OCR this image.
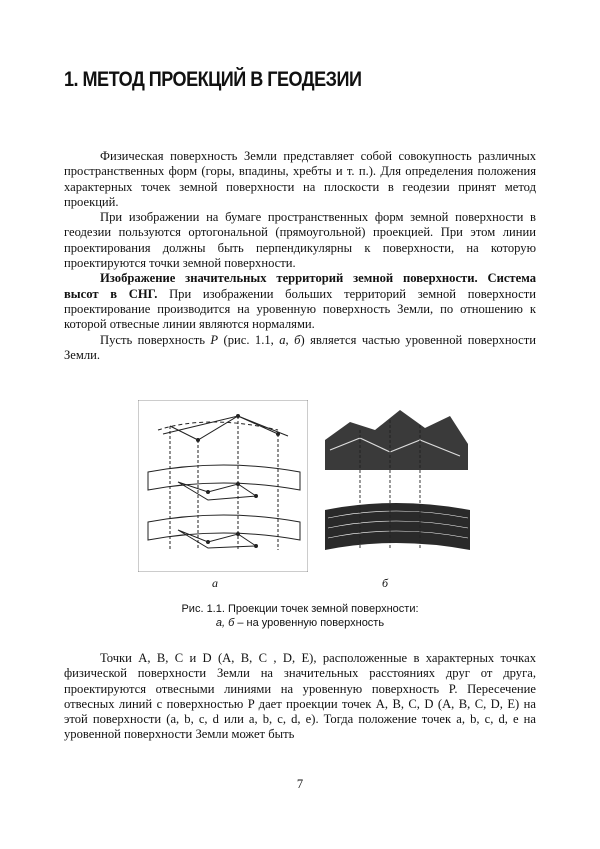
1. МЕТОД ПРОЕКЦИЙ В ГЕОДЕЗИИ

Физическая поверхность Земли представляет собой совокупность различных пространственных форм (горы, впадины, хребты и т. п.). Для определения положения характерных точек земной поверхности на плоскости в геодезии принят метод проекций.

При изображении на бумаге пространственных форм земной поверхности в геодезии пользуются ортогональной (прямоугольной) проекцией. При этом линии проектирования должны быть перпендикулярны к поверхности, на которую проектируются точки земной поверхности.

Изображение значительных территорий земной поверхности. Система высот в СНГ. При изображении больших территорий земной поверхности проектирование производится на уровенную поверхность Земли, по отношению к которой отвесные линии являются нормалями.

Пусть поверхность P (рис. 1.1, а, б) является частью уровенной поверхности Земли.

а	б

Рис. 1.1. Проекции точек земной поверхности:
а, б – на уровенную поверхность

Точки A, B, C и D (A, B, C , D, E), расположенные в характерных точках физической поверхности Земли на значительных расстояниях друг от друга, проектируются отвесными линиями на уровенную поверхность P. Пересечение отвесных линий с поверхностью P дает проекции точек A, B, C, D (A, B, C, D, E) на этой поверхности (a, b, c, d или a, b, c, d, e). Тогда положение точек a, b, c, d, e на уровенной поверхности Земли может быть

7
